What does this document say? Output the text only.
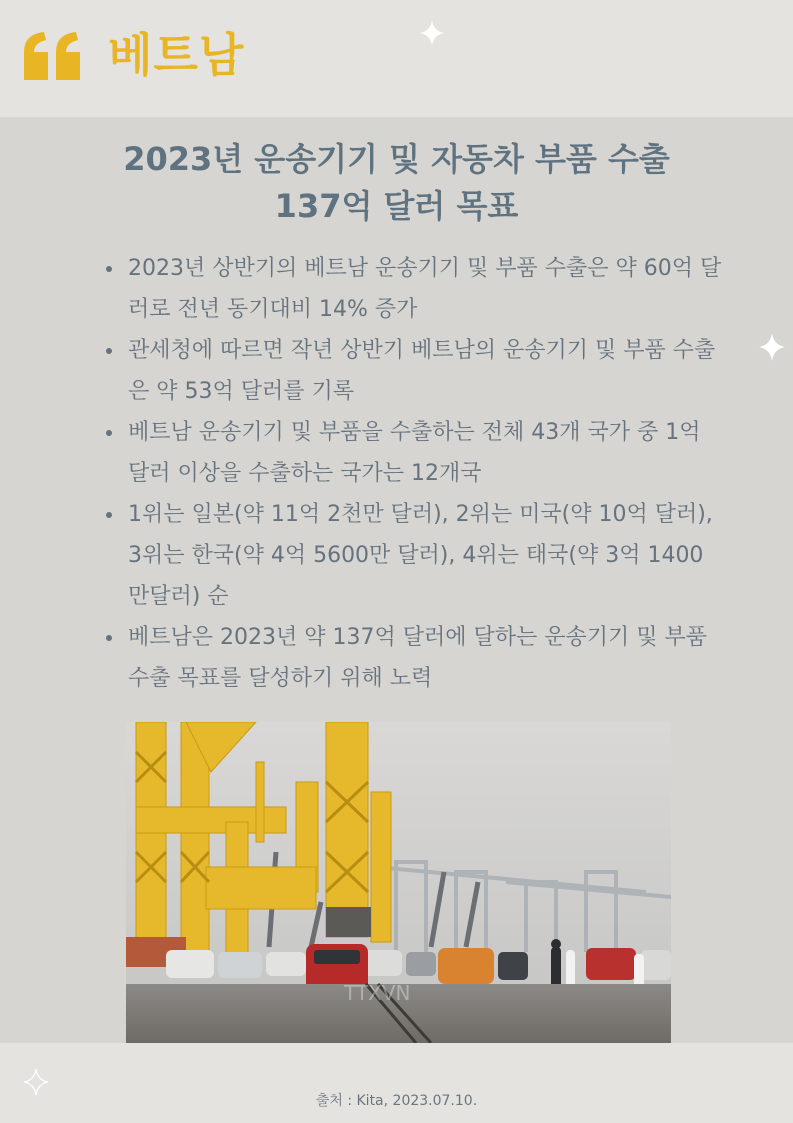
베트남
2023년 운송기기 및 자동차 부품 수출
137억 달러 목표
2023년 상반기의 베트남 운송기기 및 부품 수출은 약 60억 달러로 전년 동기대비 14% 증가
관세청에 따르면 작년 상반기 베트남의 운송기기 및 부품 수출은 약 53억 달러를 기록
베트남 운송기기 및 부품을 수출하는 전체 43개 국가 중 1억 달러 이상을 수출하는 국가는 12개국
1위는 일본(약 11억 2천만 달러), 2위는 미국(약 10억 달러), 3위는 한국(약 4억 5600만 달러), 4위는 태국(약 3억 1400만달러) 순
베트남은 2023년 약 137억 달러에 달하는 운송기기 및 부품 수출 목표를 달성하기 위해 노력
TTXVN
출처 : Kita, 2023.07.10.
